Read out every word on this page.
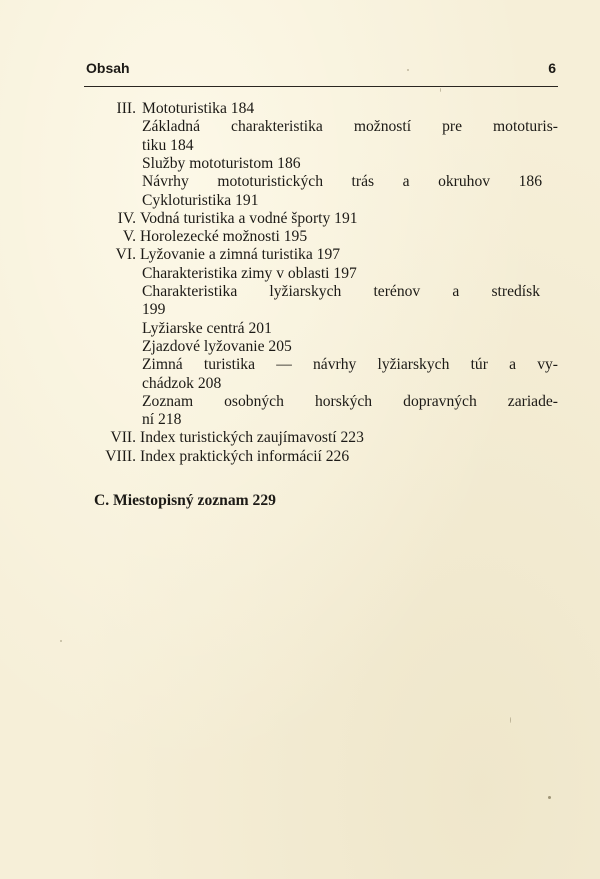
Obsah	6
III. Mototuristika 184
Základná charakteristika možností pre mototuris-
tiku 184
Služby mototuristom 186
Návrhy mototuristických trás a okruhov 186
Cykloturistika 191
IV. Vodná turistika a vodné športy 191
V. Horolezecké možnosti 195
VI. Lyžovanie a zimná turistika 197
Charakteristika zimy v oblasti 197
Charakteristika lyžiarskych terénov a stredísk
199
Lyžiarske centrá 201
Zjazdové lyžovanie 205
Zimná turistika — návrhy lyžiarskych túr a vy-
chádzok 208
Zoznam osobných horských dopravných zariade-
ní 218
VII. Index turistických zaujímavostí 223
VIII. Index praktických informácií 226
C. Miestopisný zoznam 229
